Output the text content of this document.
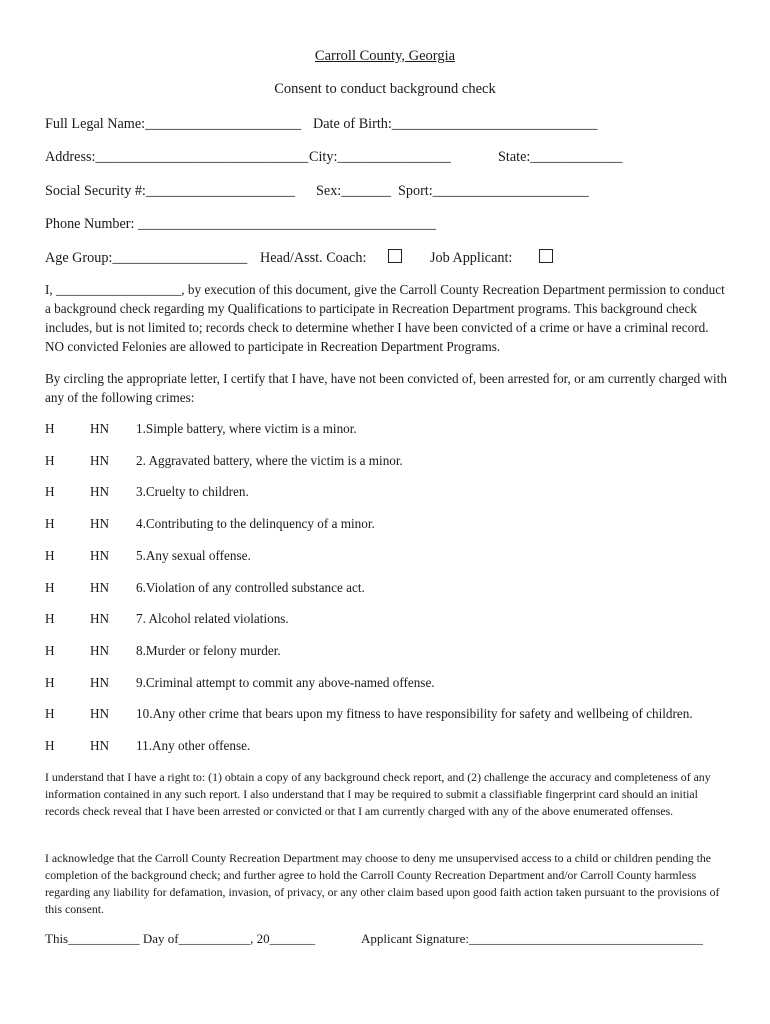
Carroll County, Georgia
Consent to conduct background check
Full Legal Name:______________________ Date of Birth:_____________________________
Address:______________________________ City:________________	State:_____________
Social Security #:_____________________ Sex:_______ Sport:______________________
Phone Number: __________________________________________
Age Group:___________________ Head/Asst. Coach:	Job Applicant:
I, ___________________, by execution of this document, give the Carroll County Recreation Department permission to conduct a background check regarding my Qualifications to participate in Recreation Department programs. This background check includes, but is not limited to; records check to determine whether I have been convicted of a crime or have a criminal record. NO convicted Felonies are allowed to participate in Recreation Department Programs.
By circling the appropriate letter, I certify that I have, have not been convicted of, been arrested for, or am currently charged with any of the following crimes:
H	HN 1.Simple battery, where victim is a minor.
H	HN 2. Aggravated battery, where the victim is a minor.
H	HN 3.Cruelty to children.
H	HN 4.Contributing to the delinquency of a minor.
H	HN 5.Any sexual offense.
H	HN 6.Violation of any controlled substance act.
H	HN 7. Alcohol related violations.
H	HN 8.Murder or felony murder.
H	HN 9.Criminal attempt to commit any above-named offense.
H	HN 10.Any other crime that bears upon my fitness to have responsibility for safety and wellbeing of children.
H	HN 11.Any other offense.
I understand that I have a right to: (1) obtain a copy of any background check report, and (2) challenge the accuracy and completeness of any information contained in any such report. I also understand that I may be required to submit a classifiable fingerprint card should an initial records check reveal that I have been arrested or convicted or that I am currently charged with any of the above enumerated offenses.
I acknowledge that the Carroll County Recreation Department may choose to deny me unsupervised access to a child or children pending the completion of the background check; and further agree to hold the Carroll County Recreation Department and/or Carroll County harmless regarding any liability for defamation, invasion, of privacy, or any other claim based upon good faith action taken pursuant to the provisions of this consent.
This___________ Day of___________, 20_______	Applicant Signature:____________________________________
